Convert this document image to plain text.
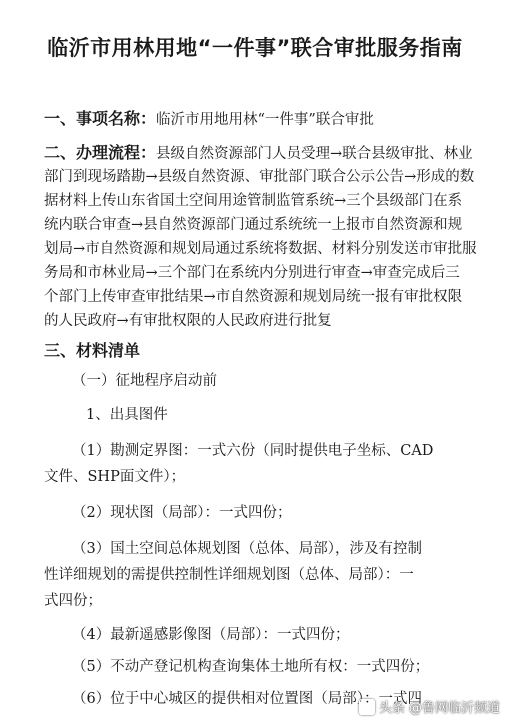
临沂市用林用地“一件事”联合审批服务指南
一、事项名称：临沂市用地用林“一件事”联合审批
二、办理流程：县级自然资源部门人员受理→联合县级审批、林业
部门到现场踏勘→县级自然资源、审批部门联合公示公告→形成的数
据材料上传山东省国土空间用途管制监管系统→三个县级部门在系
统内联合审查→县自然资源部门通过系统统一上报市自然资源和规
划局→市自然资源和规划局通过系统将数据、材料分别发送市审批服
务局和市林业局→三个部门在系统内分别进行审查→审查完成后三
个部门上传审查审批结果→市自然资源和规划局统一报有审批权限
的人民政府→有审批权限的人民政府进行批复
三、材料清单
（一）征地程序启动前
1、出具图件
（1）勘测定界图：一式六份（同时提供电子坐标、CAD
文件、SHP面文件）；
（2）现状图（局部）：一式四份；
（3）国土空间总体规划图（总体、局部），涉及有控制
性详细规划的需提供控制性详细规划图（总体、局部）：一
式四份；
（4）最新遥感影像图（局部）：一式四份；
（5）不动产登记机构查询集体土地所有权：一式四份；
（6）位于中心城区的提供相对位置图（局部）：一式四
头条 @鲁网临沂频道
